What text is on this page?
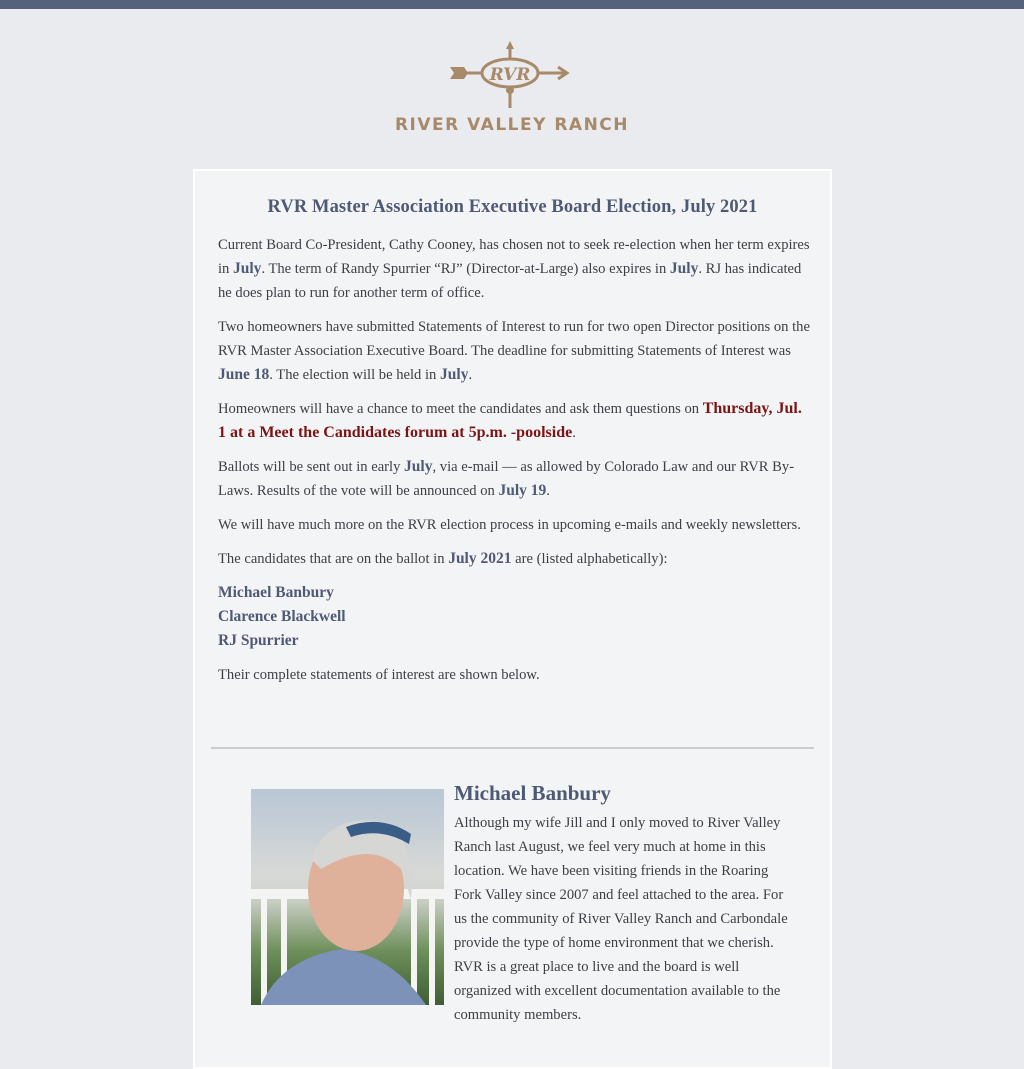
RVR
RIVER VALLEY RANCH
RVR Master Association Executive Board Election, July 2021

Current Board Co-President, Cathy Cooney, has chosen not to seek re-election when her term expires in July. The term of Randy Spurrier “RJ” (Director-at-Large) also expires in July. RJ has indicated he does plan to run for another term of office.

Two homeowners have submitted Statements of Interest to run for two open Director positions on the RVR Master Association Executive Board. The deadline for submitting Statements of Interest was June 18. The election will be held in July.

Homeowners will have a chance to meet the candidates and ask them questions on Thursday, Jul. 1 at a Meet the Candidates forum at 5p.m. -poolside.

Ballots will be sent out in early July, via e-mail — as allowed by Colorado Law and our RVR By-Laws. Results of the vote will be announced on July 19.

We will have much more on the RVR election process in upcoming e-mails and weekly newsletters.

The candidates that are on the ballot in July 2021 are (listed alphabetically):

Michael Banbury
Clarence Blackwell
RJ Spurrier

Their complete statements of interest are shown below.

Michael Banbury
Although my wife Jill and I only moved to River Valley Ranch last August, we feel very much at home in this location. We have been visiting friends in the Roaring Fork Valley since 2007 and feel attached to the area. For us the community of River Valley Ranch and Carbondale provide the type of home environment that we cherish. RVR is a great place to live and the board is well organized with excellent documentation available to the community members.
